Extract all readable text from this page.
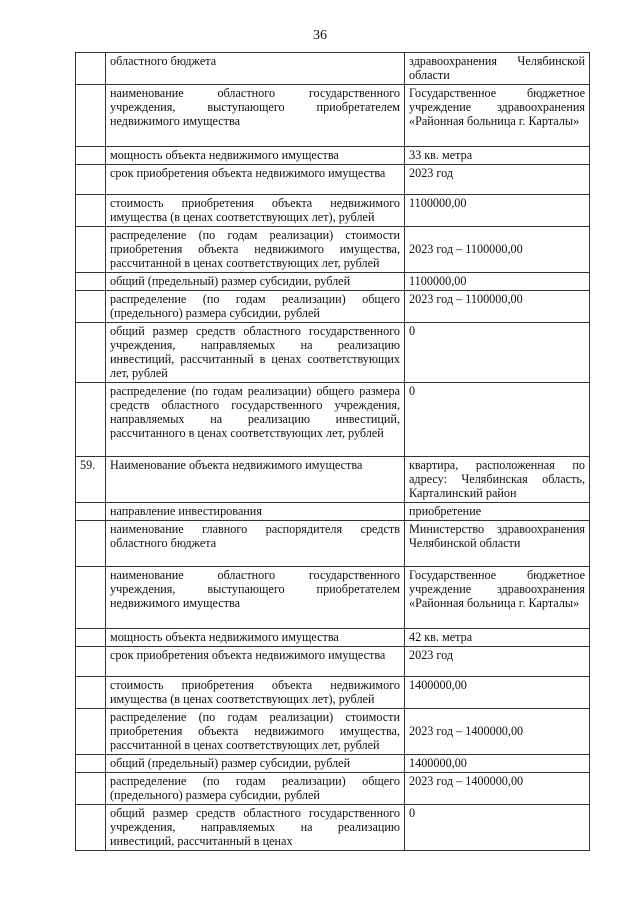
36
	областного бюджета	здравоохранения Челябинской области
	наименование областного государственного учреждения, выступающего приобретателем недвижимого имущества	Государственное бюджетное учреждение здравоохранения «Районная больница г. Карталы»
	мощность объекта недвижимого имущества	33 кв. метра
	срок приобретения объекта недвижимого имущества	2023 год
	стоимость приобретения объекта недвижимого имущества (в ценах соответствующих лет), рублей	1100000,00
	распределение (по годам реализации) стоимости приобретения объекта недвижимого имущества, рассчитанной в ценах соответствующих лет, рублей	2023 год – 1100000,00
	общий (предельный) размер субсидии, рублей	1100000,00
	распределение (по годам реализации) общего (предельного) размера субсидии, рублей	2023 год – 1100000,00
	общий размер средств областного государственного учреждения, направляемых на реализацию инвестиций, рассчитанный в ценах соответствующих лет, рублей	0
	распределение (по годам реализации) общего размера средств областного государственного учреждения, направляемых на реализацию инвестиций, рассчитанного в ценах соответствующих лет, рублей	0
59.	Наименование объекта недвижимого имущества	квартира, расположенная по адресу: Челябинская область, Карталинский район
	направление инвестирования	приобретение
	наименование главного распорядителя средств областного бюджета	Министерство здравоохранения Челябинской области
	наименование областного государственного учреждения, выступающего приобретателем недвижимого имущества	Государственное бюджетное учреждение здравоохранения «Районная больница г. Карталы»
	мощность объекта недвижимого имущества	42 кв. метра
	срок приобретения объекта недвижимого имущества	2023 год
	стоимость приобретения объекта недвижимого имущества (в ценах соответствующих лет), рублей	1400000,00
	распределение (по годам реализации) стоимости приобретения объекта недвижимого имущества, рассчитанной в ценах соответствующих лет, рублей	2023 год – 1400000,00
	общий (предельный) размер субсидии, рублей	1400000,00
	распределение (по годам реализации) общего (предельного) размера субсидии, рублей	2023 год – 1400000,00
	общий размер средств областного государственного учреждения, направляемых на реализацию инвестиций, рассчитанный в ценах	0
